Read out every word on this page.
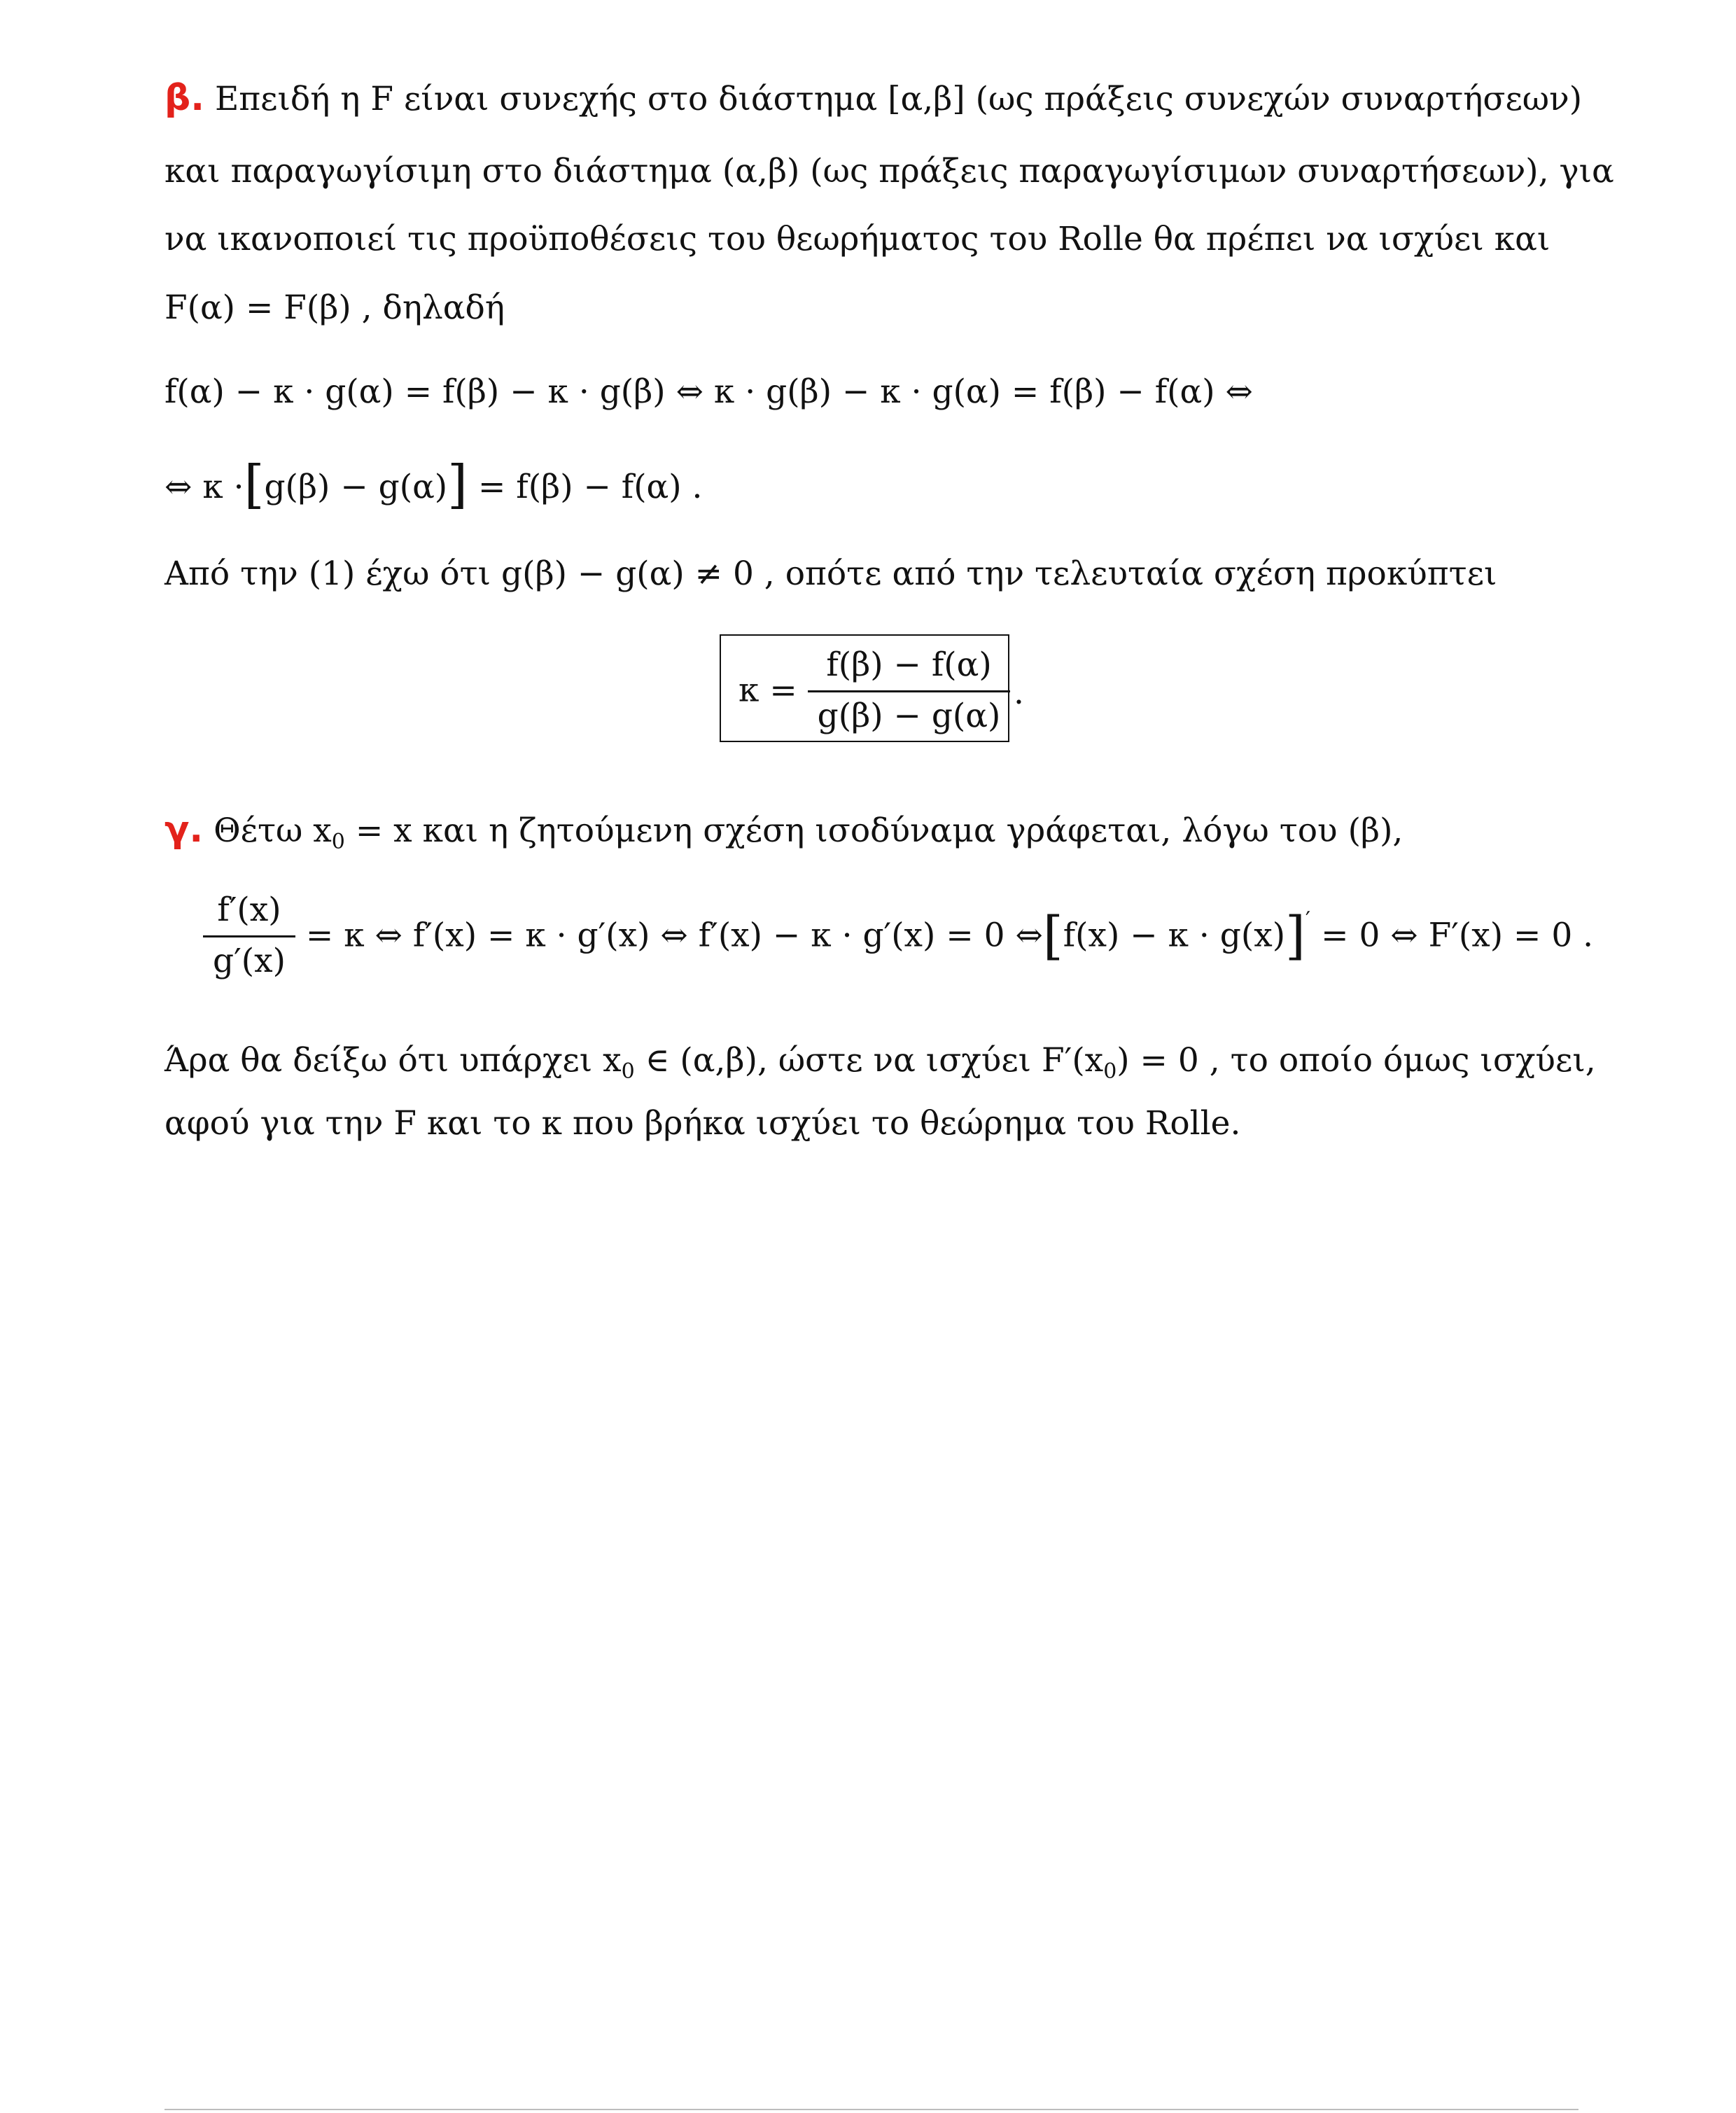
β. Επειδή η F είναι συνεχής στο διάστημα [α,β] (ως πράξεις συνεχών συναρτήσεων)
και παραγωγίσιμη στο διάστημα (α,β) (ως πράξεις παραγωγίσιμων συναρτήσεων), για
να ικανοποιεί τις προϋποθέσεις του θεωρήματος του Rolle θα πρέπει να ισχύει και
F(α) = F(β) , δηλαδή
f(α) − κ · g(α) = f(β) − κ · g(β) ⇔ κ · g(β) − κ · g(α) = f(β) − f(α) ⇔
⇔ κ ·[g(β) − g(α)] = f(β) − f(α) .
Από την (1) έχω ότι g(β) − g(α) ≠ 0 , οπότε από την τελευταία σχέση προκύπτει
$\kappa = \frac{f(\beta) - f(\alpha)}{g(\beta) - g(\alpha)}$ .
γ. Θέτω $x_0 = x$ και η ζητούμενη σχέση ισοδύναμα γράφεται, λόγω του (β),
$\frac{f'(x)}{g'(x)} = \kappa$ ⇔ f′(x) = κ · g′(x) ⇔ f′(x) − κ · g′(x) = 0 ⇔[f(x) − κ · g(x)]′ = 0 ⇔ F′(x) = 0 .
Άρα θα δείξω ότι υπάρχει $x_0$ ∈ (α,β), ώστε να ισχύει $F'(x_0) = 0$ , το οποίο όμως ισχύει,
αφού για την F και το κ που βρήκα ισχύει το θεώρημα του Rolle.
